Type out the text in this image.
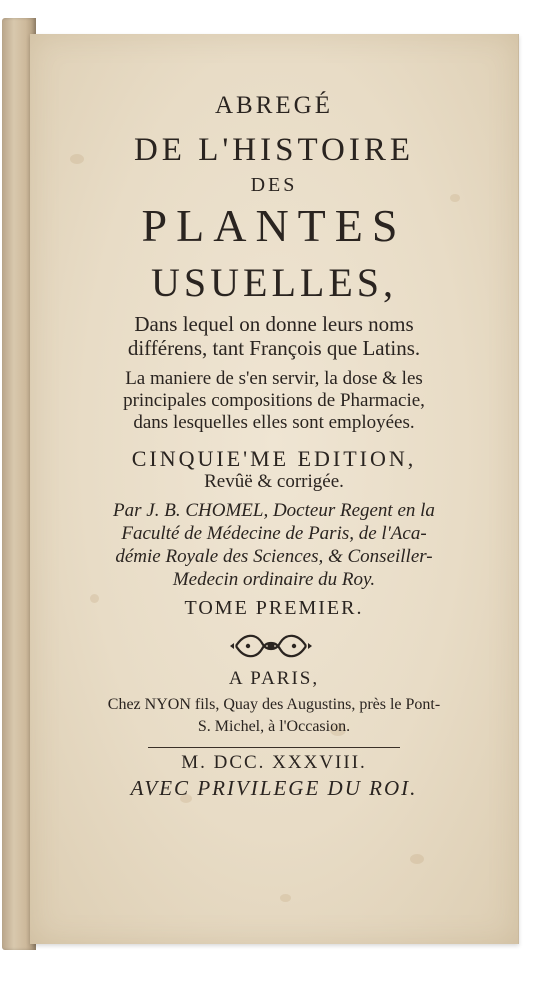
ABREGÉ
DE L'HISTOIRE
DES
PLANTES
USUELLES,
Dans lequel on donne leurs noms
différens, tant François que Latins.
La maniere de s'en servir, la dose & les
principales compositions de Pharmacie,
dans lesquelles elles sont employées.
CINQUIE'ME EDITION,
Revûë & corrigée.
Par J. B. CHOMEL, Docteur Regent en la
Faculté de Médecine de Paris, de l'Aca-
démie Royale des Sciences, & Conseiller-
Medecin ordinaire du Roy.
TOME PREMIER.
A PARIS,
Chez NYON fils, Quay des Augustins, près le Pont-
S. Michel, à l'Occasion.
M. DCC. XXXVIII.
AVEC PRIVILEGE DU ROI.
